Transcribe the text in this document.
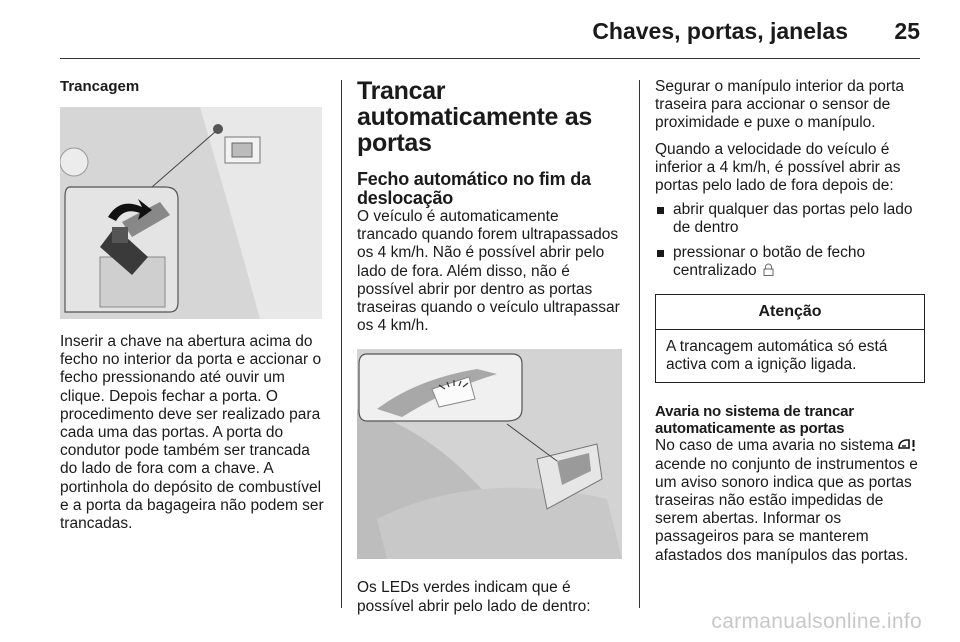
Chaves, portas, janelas 25
Trancagem

Inserir a chave na abertura acima do fecho no interior da porta e accionar o fecho pressionando até ouvir um clique. Depois fechar a porta. O procedimento deve ser realizado para cada uma das portas. A porta do condutor pode também ser trancada do lado de fora com a chave. A portinhola do depósito de combustível e a porta da bagageira não podem ser trancadas.

Trancar automaticamente as portas
Fecho automático no fim da deslocação

O veículo é automaticamente trancado quando forem ultrapassados os 4 km/h. Não é possível abrir pelo lado de fora. Além disso, não é possível abrir por dentro as portas traseiras quando o veículo ultrapassar os 4 km/h.

Os LEDs verdes indicam que é possível abrir pelo lado de dentro:

Segurar o manípulo interior da porta traseira para accionar o sensor de proximidade e puxe o manípulo.

Quando a velocidade do veículo é inferior a 4 km/h, é possível abrir as portas pelo lado de fora depois de:

abrir qualquer das portas pelo lado de dentro
pressionar o botão de fecho centralizado
Atenção

A trancagem automática só está activa com a ignição ligada.

Avaria no sistema de trancar automaticamente as portas

No caso de uma avaria no sistema  acende no conjunto de instrumentos e um aviso sonoro indica que as portas traseiras não estão impedidas de serem abertas. Informar os passageiros para se manterem afastados dos manípulos das portas.

carmanualsonline.info
